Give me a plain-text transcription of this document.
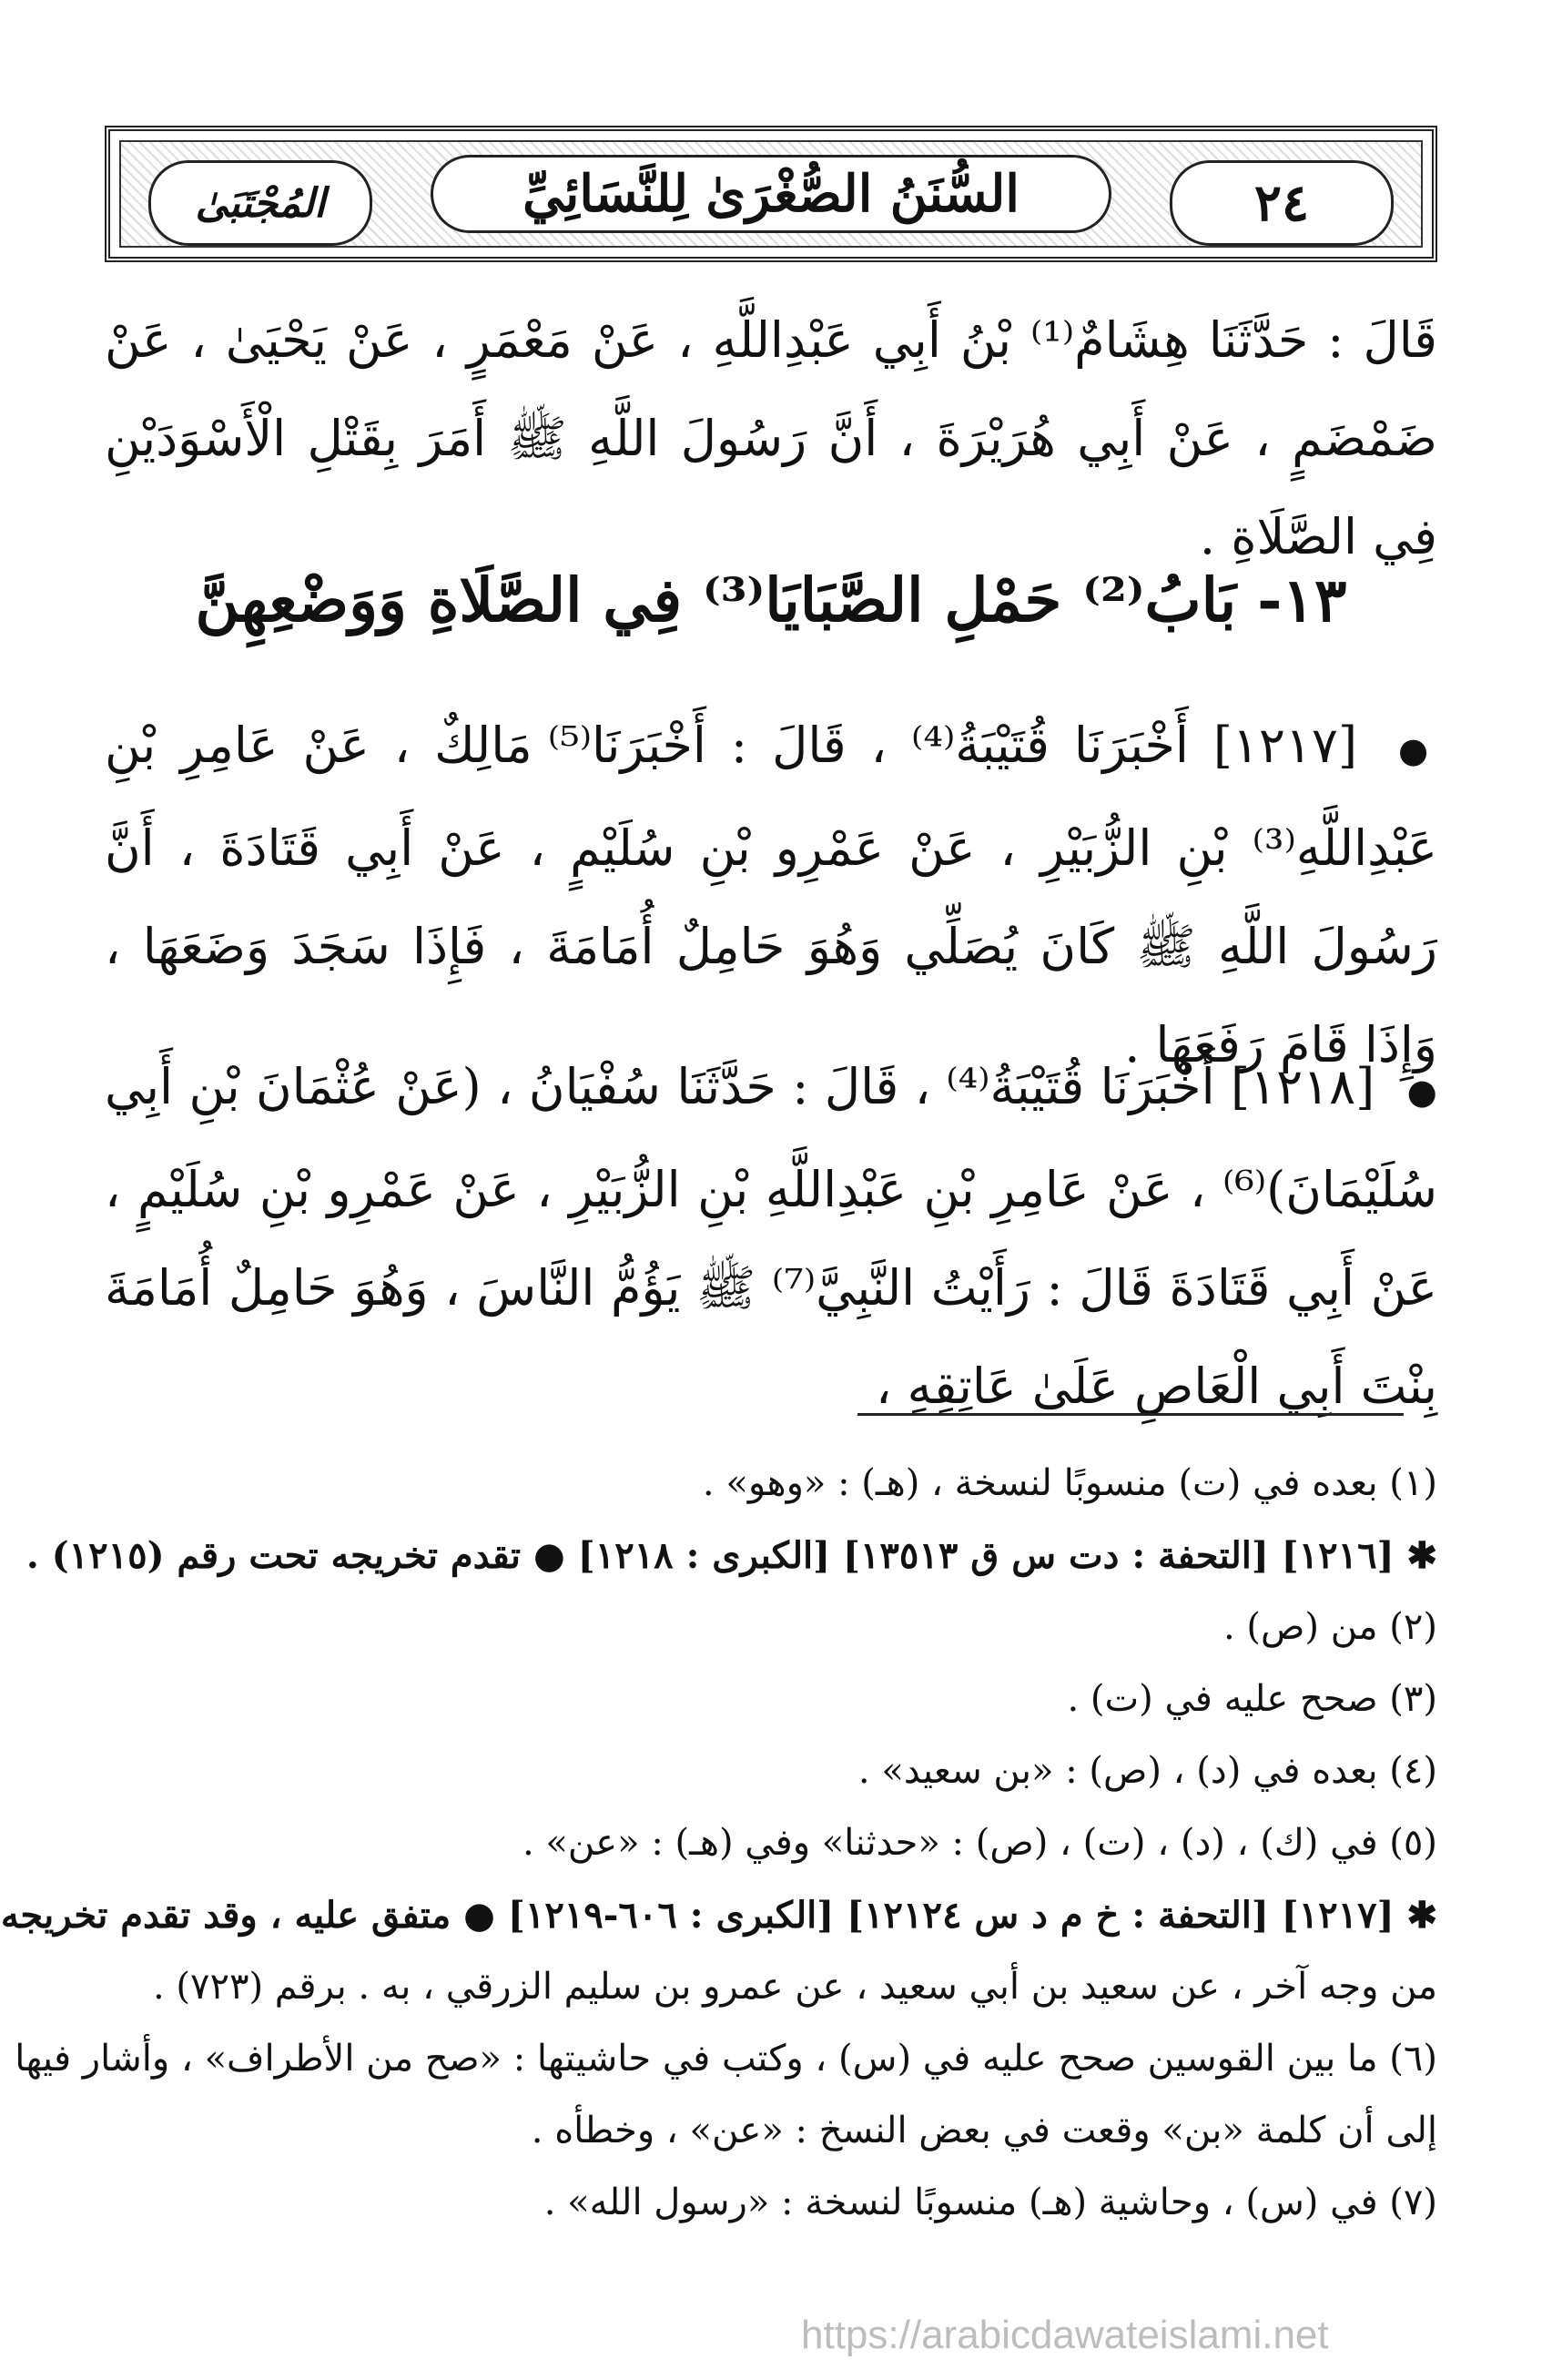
٢٤
السُّنَنُ الصُّغْرَىٰ لِلنَّسَائِيِّ
المُجْتَبَىٰ
قَالَ : حَدَّثَنَا هِشَامٌ⁽¹⁾ بْنُ أَبِي عَبْدِاللَّهِ ، عَنْ مَعْمَرٍ ، عَنْ يَحْيَىٰ ، عَنْ ضَمْضَمٍ ، عَنْ أَبِي هُرَيْرَةَ ، أَنَّ رَسُولَ اللَّهِ ﷺ أَمَرَ بِقَتْلِ الْأَسْوَدَيْنِ فِي الصَّلَاةِ .
١٣- بَابُ⁽²⁾ حَمْلِ الصَّبَايَا⁽³⁾ فِي الصَّلَاةِ وَوَضْعِهِنَّ
● [١٢١٧] أَخْبَرَنَا قُتَيْبَةُ⁽⁴⁾ ، قَالَ : أَخْبَرَنَا⁽⁵⁾ مَالِكٌ ، عَنْ عَامِرِ بْنِ عَبْدِاللَّهِ⁽³⁾ بْنِ الزُّبَيْرِ ، عَنْ عَمْرِو بْنِ سُلَيْمٍ ، عَنْ أَبِي قَتَادَةَ ، أَنَّ رَسُولَ اللَّهِ ﷺ كَانَ يُصَلِّي وَهُوَ حَامِلٌ أُمَامَةَ ، فَإِذَا سَجَدَ وَضَعَهَا ، وَإِذَا قَامَ رَفَعَهَا .
● [١٢١٨] أَخْبَرَنَا قُتَيْبَةُ⁽⁴⁾ ، قَالَ : حَدَّثَنَا سُفْيَانُ ، (عَنْ عُثْمَانَ بْنِ أَبِي سُلَيْمَانَ)⁽⁶⁾ ، عَنْ عَامِرِ بْنِ عَبْدِاللَّهِ بْنِ الزُّبَيْرِ ، عَنْ عَمْرِو بْنِ سُلَيْمٍ ، عَنْ أَبِي قَتَادَةَ قَالَ : رَأَيْتُ النَّبِيَّ⁽⁷⁾ ﷺ يَؤُمُّ النَّاسَ ، وَهُوَ حَامِلٌ أُمَامَةَ بِنْتَ أَبِي الْعَاصِ عَلَىٰ عَاتِقِهِ ،
(١) بعده في (ت) منسوبًا لنسخة ، (هـ) : «وهو» .
✱ [١٢١٦] [التحفة : دت س ق ١٣٥١٣] [الكبرى : ١٢١٨] ● تقدم تخريجه تحت رقم (١٢١٥) .
(٢) من (ص) .
(٣) صحح عليه في (ت) .
(٤) بعده في (د) ، (ص) : «بن سعيد» .
(٥) في (ك) ، (د) ، (ت) ، (ص) : «حدثنا» وفي (هـ) : «عن» .
✱ [١٢١٧] [التحفة : خ م د س ١٢١٢٤] [الكبرى : ٦٠٦-١٢١٩] ● متفق عليه ، وقد تقدم تخريجه
من وجه آخر ، عن سعيد بن أبي سعيد ، عن عمرو بن سليم الزرقي ، به . برقم (٧٢٣) .
(٦) ما بين القوسين صحح عليه في (س) ، وكتب في حاشيتها : «صح من الأطراف» ، وأشار فيها
إلى أن كلمة «بن» وقعت في بعض النسخ : «عن» ، وخطأه .
(٧) في (س) ، وحاشية (هـ) منسوبًا لنسخة : «رسول الله» .
https://arabicdawateislami.net
